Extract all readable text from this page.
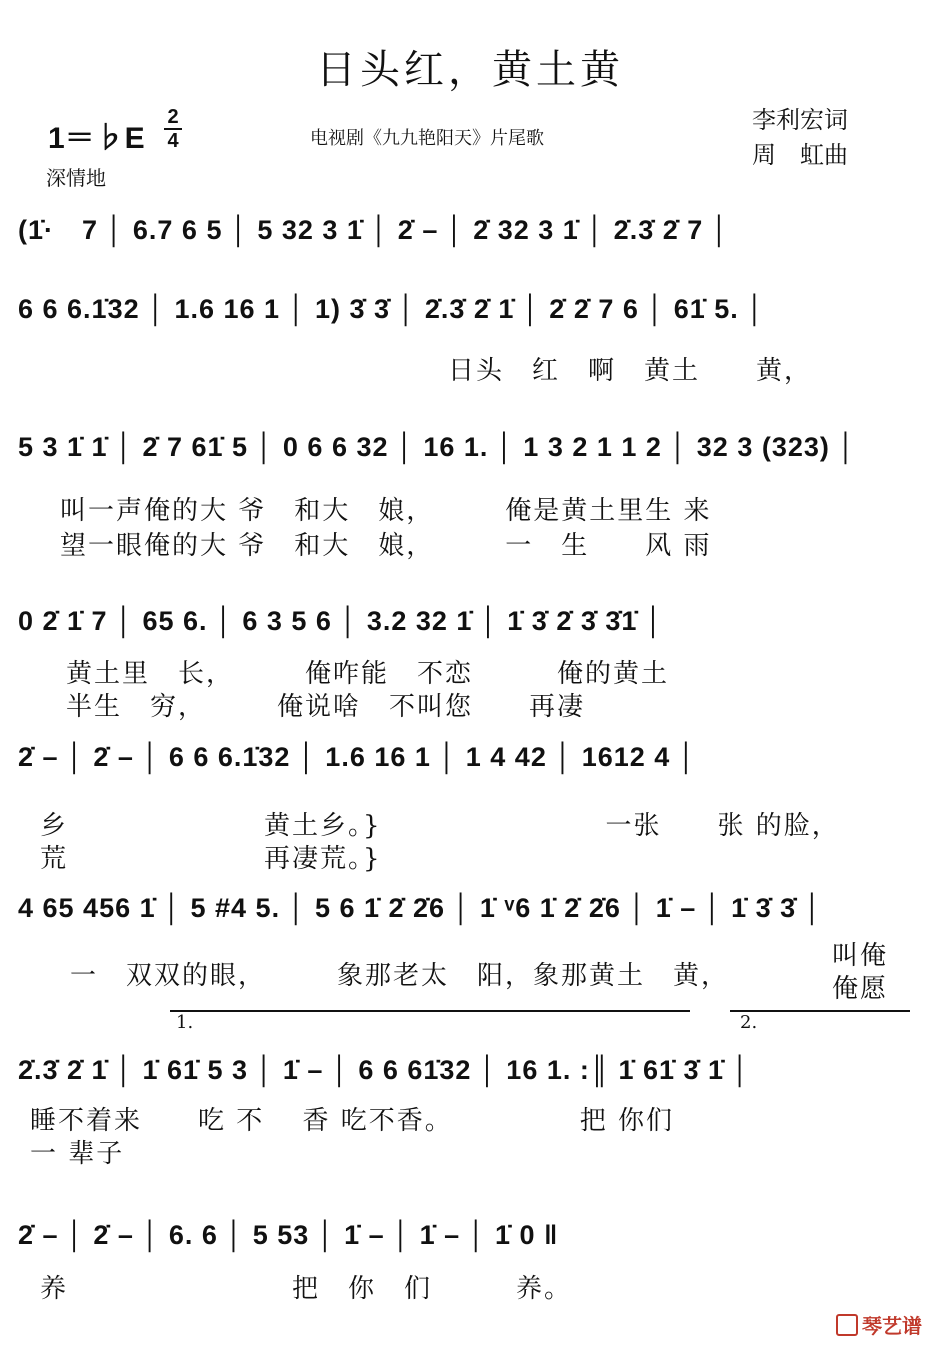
日头红，黄土黄
1＝♭E
2
4	电视剧《九九艳阳天》片尾歌
李利宏词
周　虹曲
深情地
(1̇·　7 │ 6.7 6 5 │ 5 32 3 1̇ │ 2̇ – │ 2̇ 32 3 1̇ │ 2̇.3̇ 2̇ 7 │
6 6 6.1̇32 │ 1.6 16 1 │ 1) 3̇ 3̇ │ 2̇.3̇ 2̇ 1̇ │ 2̇ 2̇ 7 6 │ 61̇ 5. │
日头　红　啊　黄土　　黄，
5 3 1̇ 1̇ │ 2̇ 7 61̇ 5 │ 0 6 6 32 │ 16 1. │ 1 3 2 1 1 2 │ 32 3 (323) │
叫一声俺的大 爷　和大　娘，　　　俺是黄土里生 来
望一眼俺的大 爷　和大　娘，　　　一　生　　风 雨
0 2̇ 1̇ 7 │ 65 6. │ 6 3 5 6 │ 3.2 32 1̇ │ 1̇ 3̇ 2̇ 3̇ 3̇1̇ │
黄土里　长，　　　俺咋能　不恋　　　俺的黄土
半生　穷，　　　俺说啥　不叫您　　再凄
2̇ – │ 2̇ – │ 6 6 6.1̇32 │ 1.6 16 1 │ 1 4 42 │ 1612 4 │
乡　　　　　　　黄土乡。}　　　　　　　　一张　　张 的脸，
荒　　　　　　　再凄荒。}
4 65 456 1̇ │ 5 #4 5. │ 5 6 1̇ 2̇ 2̇6 │ 1̇ ᵛ6 1̇ 2̇ 2̇6 │ 1̇ – │ 1̇ 3̇ 3̇ │
一　双双的眼，　　　象那老太　阳，象那黄土　黄，
叫俺
俺愿
1.	2.
2̇.3̇ 2̇ 1̇ │ 1̇ 61̇ 5 3 │ 1̇ – │ 6 6 61̇32 │ 16 1. :║ 1̇ 61̇ 3̇ 1̇ │
睡不着来　　吃 不　 香 吃不香。　　　　　把 你们
一 辈子
2̇ – │ 2̇ – │ 6. 6 │ 5 53 │ 1̇ – │ 1̇ – │ 1̇ 0 ‖
养　　　　　　　　把　你　们　　　养。
琴艺谱
